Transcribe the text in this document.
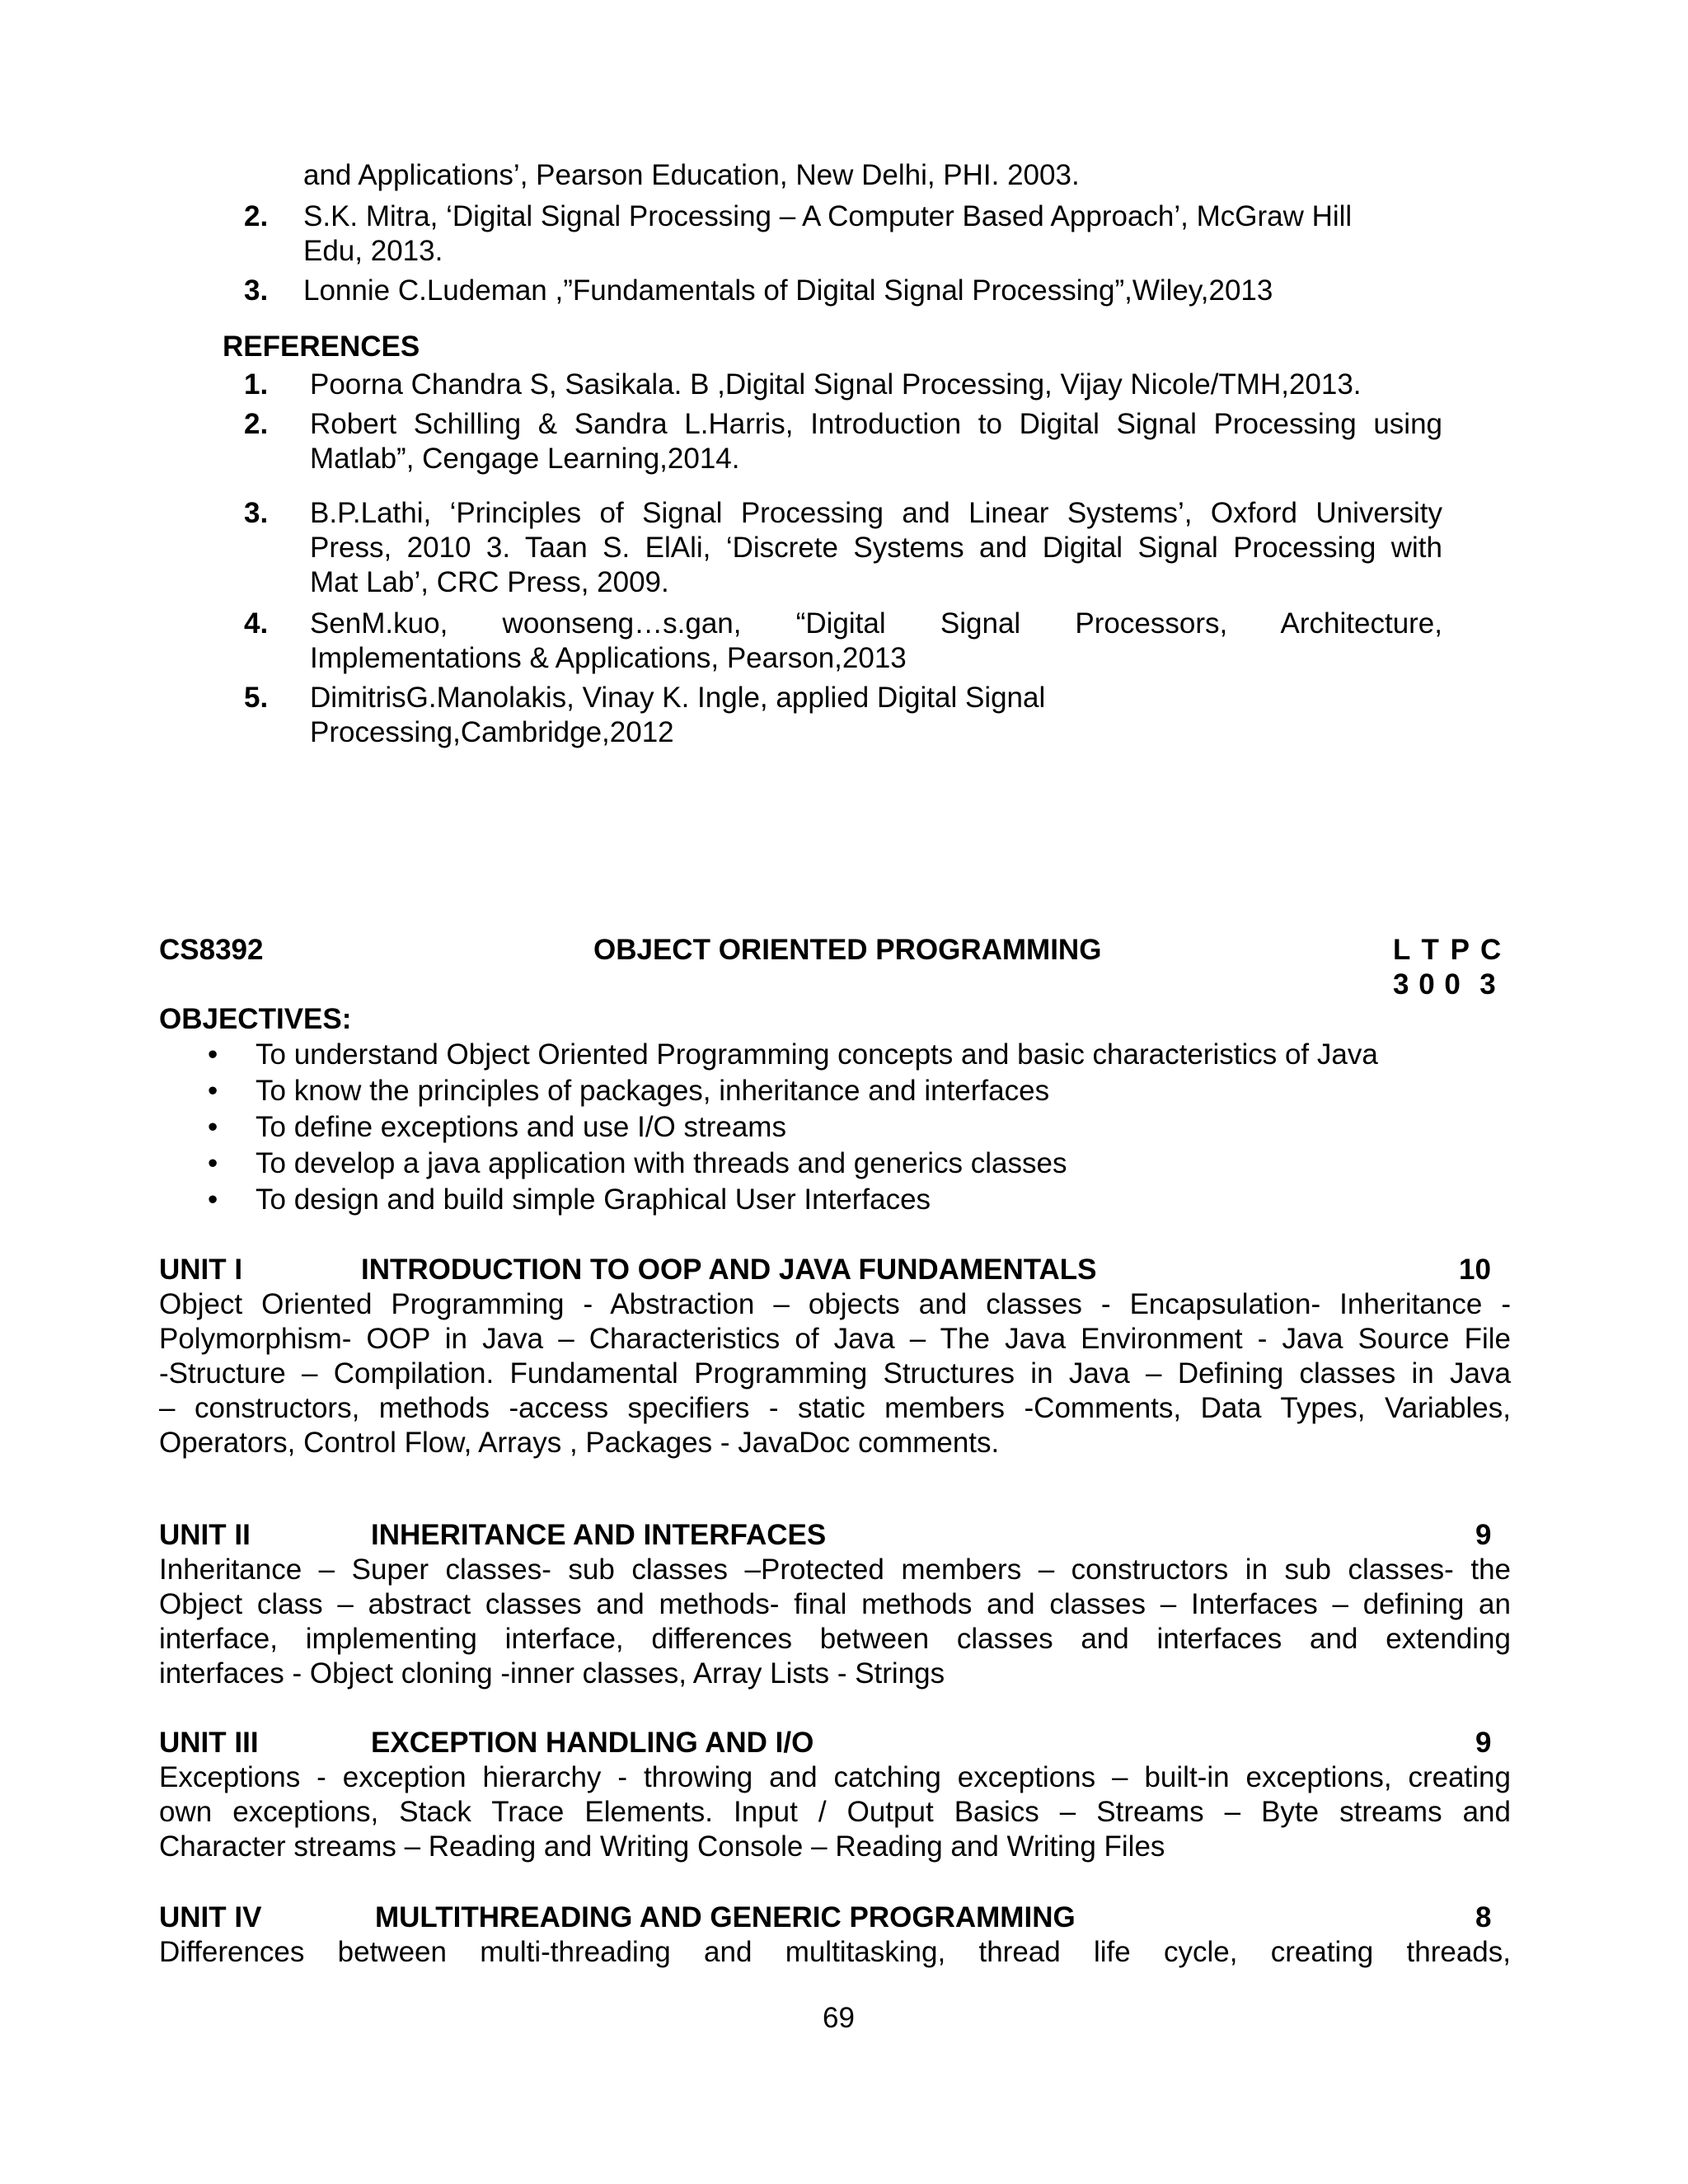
and Applications’, Pearson Education, New Delhi, PHI. 2003.
2. S.K. Mitra, ‘Digital Signal Processing – A Computer Based Approach’, McGraw Hill
Edu, 2013.
3. Lonnie C.Ludeman ,”Fundamentals of Digital Signal Processing”,Wiley,2013
REFERENCES
1. Poorna Chandra S, Sasikala. B ,Digital Signal Processing, Vijay Nicole/TMH,2013.
2. Robert Schilling & Sandra L.Harris, Introduction to Digital Signal Processing using
Matlab”, Cengage Learning,2014.
3. B.P.Lathi, ‘Principles of Signal Processing and Linear Systems’, Oxford University
Press, 2010 3. Taan S. ElAli, ‘Discrete Systems and Digital Signal Processing with
Mat Lab’, CRC Press, 2009.
4. SenM.kuo, woonseng…s.gan, “Digital Signal Processors, Architecture,
Implementations & Applications, Pearson,2013
5. DimitrisG.Manolakis, Vinay K. Ingle, applied Digital Signal
Processing,Cambridge,2012
CS8392	OBJECT ORIENTED PROGRAMMING	L T P C
3 0 0  3
OBJECTIVES:
• To understand Object Oriented Programming concepts and basic characteristics of Java
• To know the principles of packages, inheritance and interfaces
• To define exceptions and use I/O streams
• To develop a java application with threads and generics classes
• To design and build simple Graphical User Interfaces
UNIT I	INTRODUCTION TO OOP AND JAVA FUNDAMENTALS	10
Object Oriented Programming - Abstraction – objects and classes - Encapsulation- Inheritance -
Polymorphism- OOP in Java – Characteristics of Java – The Java Environment - Java Source File
-Structure – Compilation. Fundamental Programming Structures in Java – Defining classes in Java
– constructors, methods -access specifiers - static members -Comments, Data Types, Variables,
Operators, Control Flow, Arrays , Packages - JavaDoc comments.
UNIT II	INHERITANCE AND INTERFACES	9
Inheritance – Super classes- sub classes –Protected members – constructors in sub classes- the
Object class – abstract classes and methods- final methods and classes – Interfaces – defining an
interface, implementing interface, differences between classes and interfaces and extending
interfaces - Object cloning -inner classes, Array Lists - Strings
UNIT III	EXCEPTION HANDLING AND I/O	9
Exceptions - exception hierarchy - throwing and catching exceptions – built-in exceptions, creating
own exceptions, Stack Trace Elements. Input / Output Basics – Streams – Byte streams and
Character streams – Reading and Writing Console – Reading and Writing Files
UNIT IV	MULTITHREADING AND GENERIC PROGRAMMING	8
Differences between multi-threading and multitasking, thread life cycle, creating threads,
69
